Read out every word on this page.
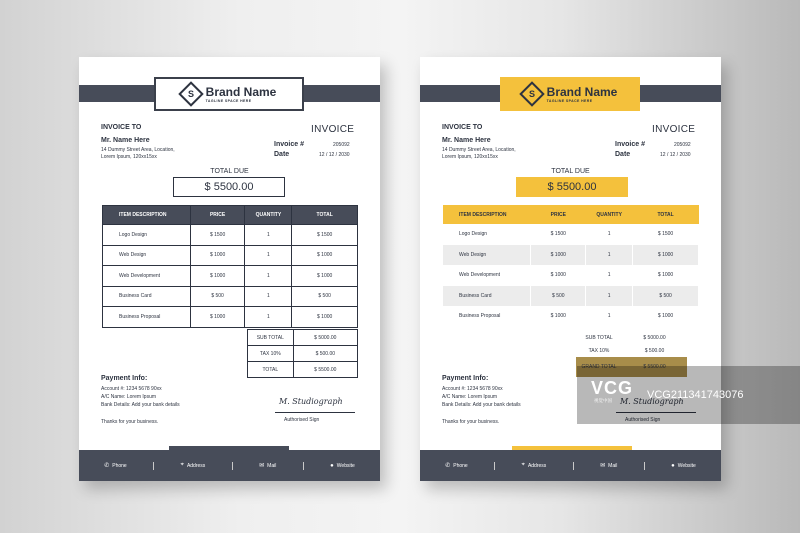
S Brand Name
TAGLINE SPACE HERE
INVOICE TO
Mr. Name Here
14 Dummy Street Area, Location,
Lorem Ipsum, 120xx15xx
INVOICE
Invoice #	205092
Date	12 / 12 / 2030
TOTAL DUE
$ 5500.00
ITEM DESCRIPTION	PRICE	QUANTITY	TOTAL
Logo Design	$ 1500	1	$ 1500
Web Design	$ 1000	1	$ 1000
Web Development	$ 1000	1	$ 1000
Business Card	$ 500	1	$ 500
Business Proposal	$ 1000	1	$ 1000
SUB TOTAL	$ 5000.00
TAX 10%	$ 500.00
TOTAL	$ 5500.00
Payment Info:
Account #: 1234 5678 90xx
A/C Name: Lorem Ipsum
Bank Details: Add your bank details
Thanks for your business.
M. Studiograph
Authorised Sign
✆ Phone	⌖ Address	✉ Mail	● Website
S Brand Name
TAGLINE SPACE HERE
INVOICE TO
Mr. Name Here
14 Dummy Street Area, Location,
Lorem Ipsum, 120xx15xx
INVOICE
Invoice #	205092
Date	12 / 12 / 2030
TOTAL DUE
$ 5500.00
ITEM DESCRIPTION	PRICE	QUANTITY	TOTAL
Logo Design	$ 1500	1	$ 1500
Web Design	$ 1000	1	$ 1000
Web Development	$ 1000	1	$ 1000
Business Card	$ 500	1	$ 500
Business Proposal	$ 1000	1	$ 1000
SUB TOTAL	$ 5000.00
TAX 10%	$ 500.00
GRAND TOTAL	$ 5500.00
Payment Info:
Account #: 1234 5678 90xx
A/C Name: Lorem Ipsum
Bank Details: Add your bank details
Thanks for your business.
M. Studiograph
Authorised Sign
✆ Phone	⌖ Address	✉ Mail	● Website
VCG
视觉中国	VCG211341743076
